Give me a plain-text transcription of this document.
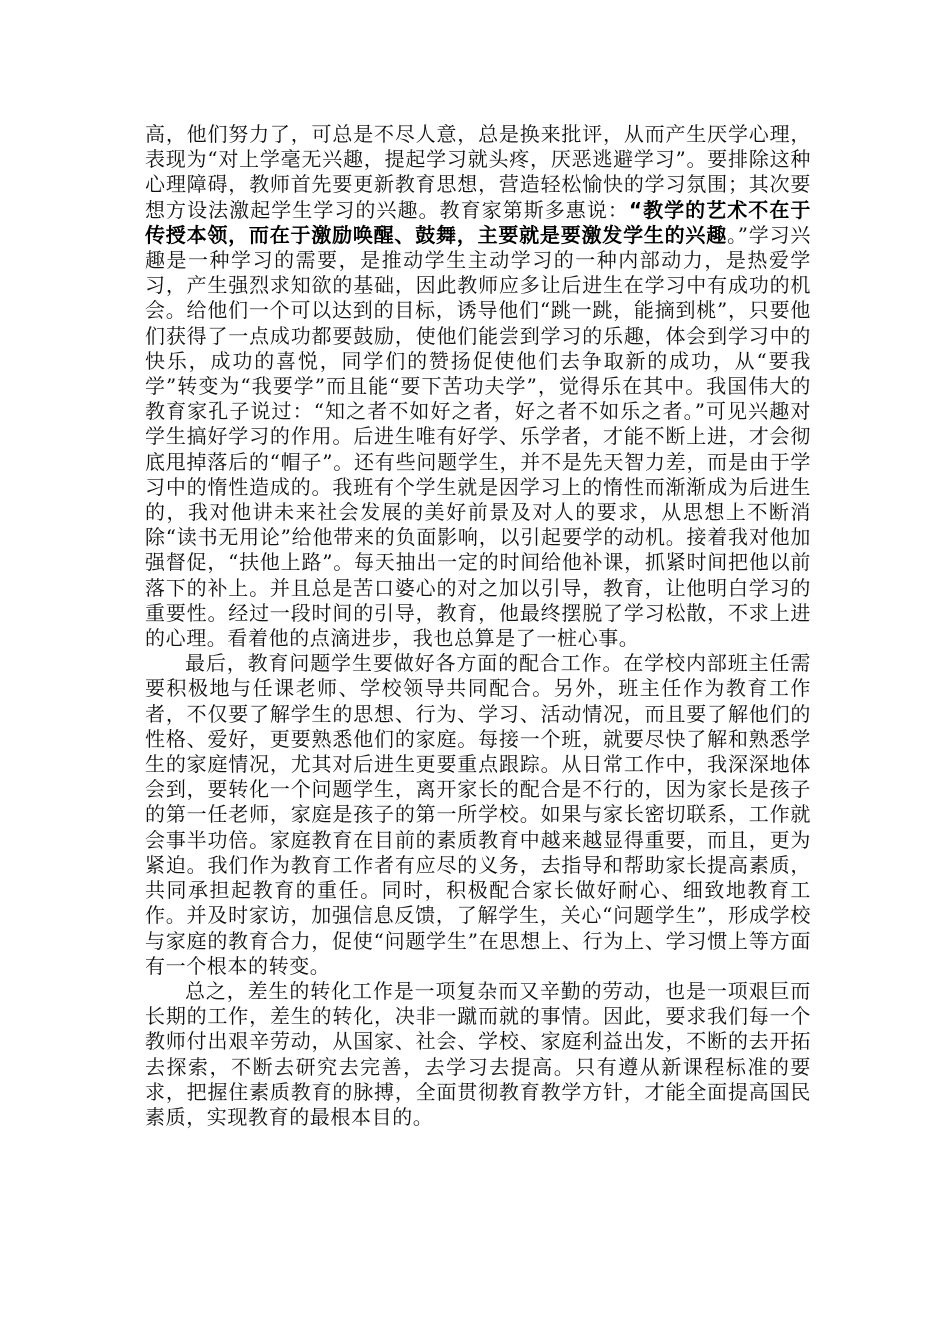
高，他们努力了，可总是不尽人意，总是换来批评，从而产生厌学心理，表现为“对上学毫无兴趣，提起学习就头疼，厌恶逃避学习”。要排除这种心理障碍，教师首先要更新教育思想，营造轻松愉快的学习氛围；其次要想方设法激起学生学习的兴趣。教育家第斯多惠说：“教学的艺术不在于传授本领，而在于激励唤醒、鼓舞，主要就是要激发学生的兴趣。”学习兴趣是一种学习的需要，是推动学生主动学习的一种内部动力，是热爱学习，产生强烈求知欲的基础，因此教师应多让后进生在学习中有成功的机会。给他们一个可以达到的目标，诱导他们“跳一跳，能摘到桃”，只要他们获得了一点成功都要鼓励，使他们能尝到学习的乐趣，体会到学习中的快乐，成功的喜悦，同学们的赞扬促使他们去争取新的成功，从“要我学”转变为“我要学”而且能“要下苦功夫学”，觉得乐在其中。我国伟大的教育家孔子说过：“知之者不如好之者，好之者不如乐之者。”可见兴趣对学生搞好学习的作用。后进生唯有好学、乐学者，才能不断上进，才会彻底甩掉落后的“帽子”。还有些问题学生，并不是先天智力差，而是由于学习中的惰性造成的。我班有个学生就是因学习上的惰性而渐渐成为后进生的，我对他讲未来社会发展的美好前景及对人的要求，从思想上不断消除“读书无用论”给他带来的负面影响，以引起要学的动机。接着我对他加强督促，“扶他上路”。每天抽出一定的时间给他补课，抓紧时间把他以前落下的补上。并且总是苦口婆心的对之加以引导，教育，让他明白学习的重要性。经过一段时间的引导，教育，他最终摆脱了学习松散，不求上进的心理。看着他的点滴进步，我也总算是了一桩心事。

最后，教育问题学生要做好各方面的配合工作。在学校内部班主任需要积极地与任课老师、学校领导共同配合。另外，班主任作为教育工作者，不仅要了解学生的思想、行为、学习、活动情况，而且要了解他们的性格、爱好，更要熟悉他们的家庭。每接一个班，就要尽快了解和熟悉学生的家庭情况，尤其对后进生更要重点跟踪。从日常工作中，我深深地体会到，要转化一个问题学生，离开家长的配合是不行的，因为家长是孩子的第一任老师，家庭是孩子的第一所学校。如果与家长密切联系，工作就会事半功倍。家庭教育在目前的素质教育中越来越显得重要，而且，更为紧迫。我们作为教育工作者有应尽的义务，去指导和帮助家长提高素质，共同承担起教育的重任。同时，积极配合家长做好耐心、细致地教育工作。并及时家访，加强信息反馈，了解学生，关心“问题学生”，形成学校与家庭的教育合力，促使“问题学生”在思想上、行为上、学习惯上等方面有一个根本的转变。

总之，差生的转化工作是一项复杂而又辛勤的劳动，也是一项艰巨而长期的工作，差生的转化，决非一蹴而就的事情。因此，要求我们每一个教师付出艰辛劳动，从国家、社会、学校、家庭利益出发，不断的去开拓去探索，不断去研究去完善，去学习去提高。只有遵从新课程标准的要求，把握住素质教育的脉搏，全面贯彻教育教学方针，才能全面提高国民素质，实现教育的最根本目的。
